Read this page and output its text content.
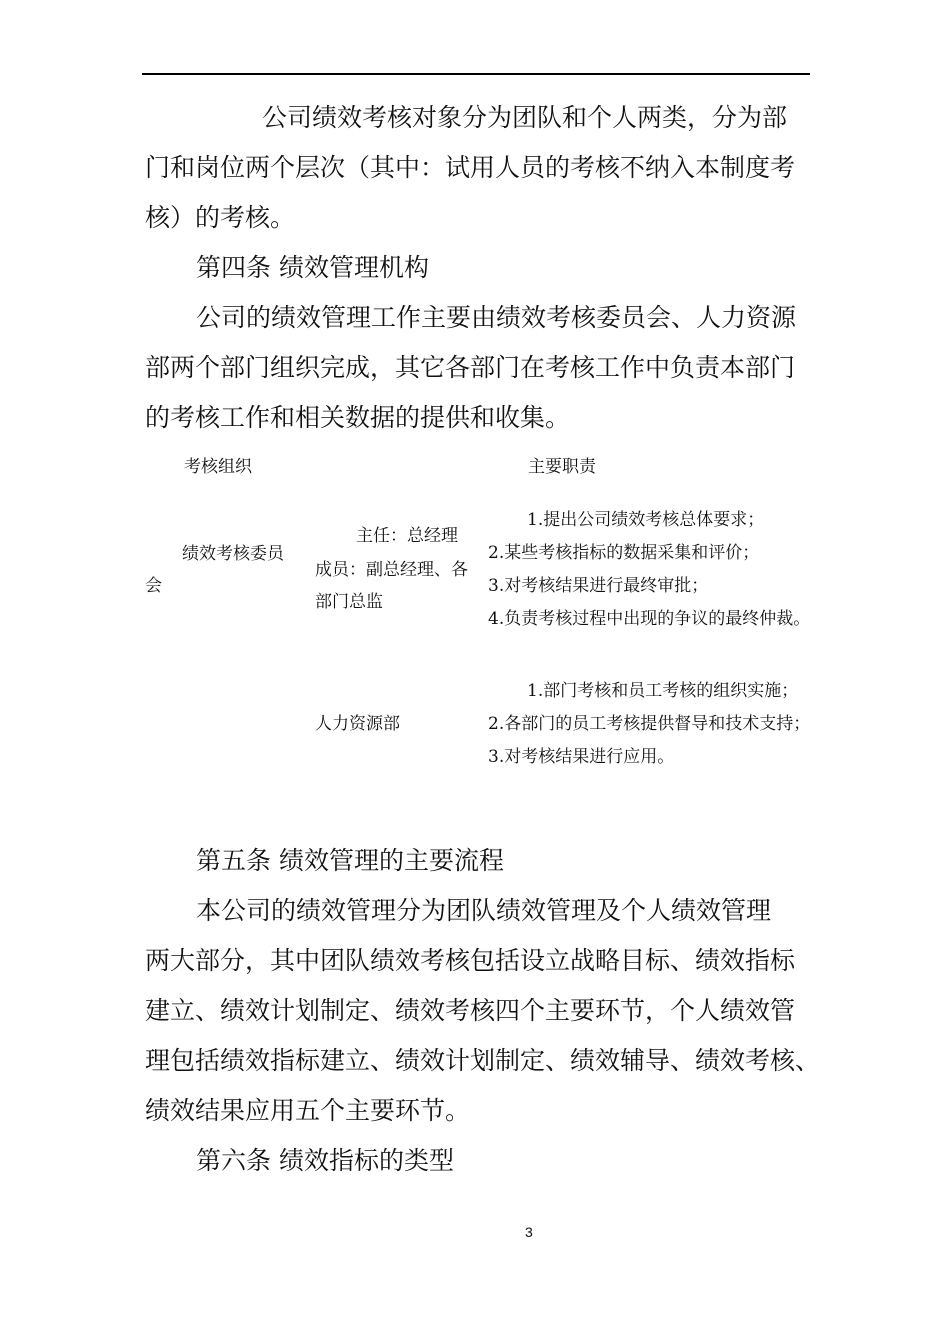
公司绩效考核对象分为团队和个人两类，分为部
门和岗位两个层次（其中：试用人员的考核不纳入本制度考
核）的考核。
第四条 绩效管理机构
公司的绩效管理工作主要由绩效考核委员会、人力资源
部两个部门组织完成，其它各部门在考核工作中负责本部门
的考核工作和相关数据的提供和收集。
考核组织	主要职责
绩效考核委员
会
主任：总经理
成员：副总经理、各
部门总监
1.提出公司绩效考核总体要求；
2.某些考核指标的数据采集和评价；
3.对考核结果进行最终审批；
4.负责考核过程中出现的争议的最终仲裁。
人力资源部
1.部门考核和员工考核的组织实施；
2.各部门的员工考核提供督导和技术支持；
3.对考核结果进行应用。
第五条 绩效管理的主要流程
本公司的绩效管理分为团队绩效管理及个人绩效管理
两大部分，其中团队绩效考核包括设立战略目标、绩效指标
建立、绩效计划制定、绩效考核四个主要环节，个人绩效管
理包括绩效指标建立、绩效计划制定、绩效辅导、绩效考核、
绩效结果应用五个主要环节。
第六条 绩效指标的类型
3
